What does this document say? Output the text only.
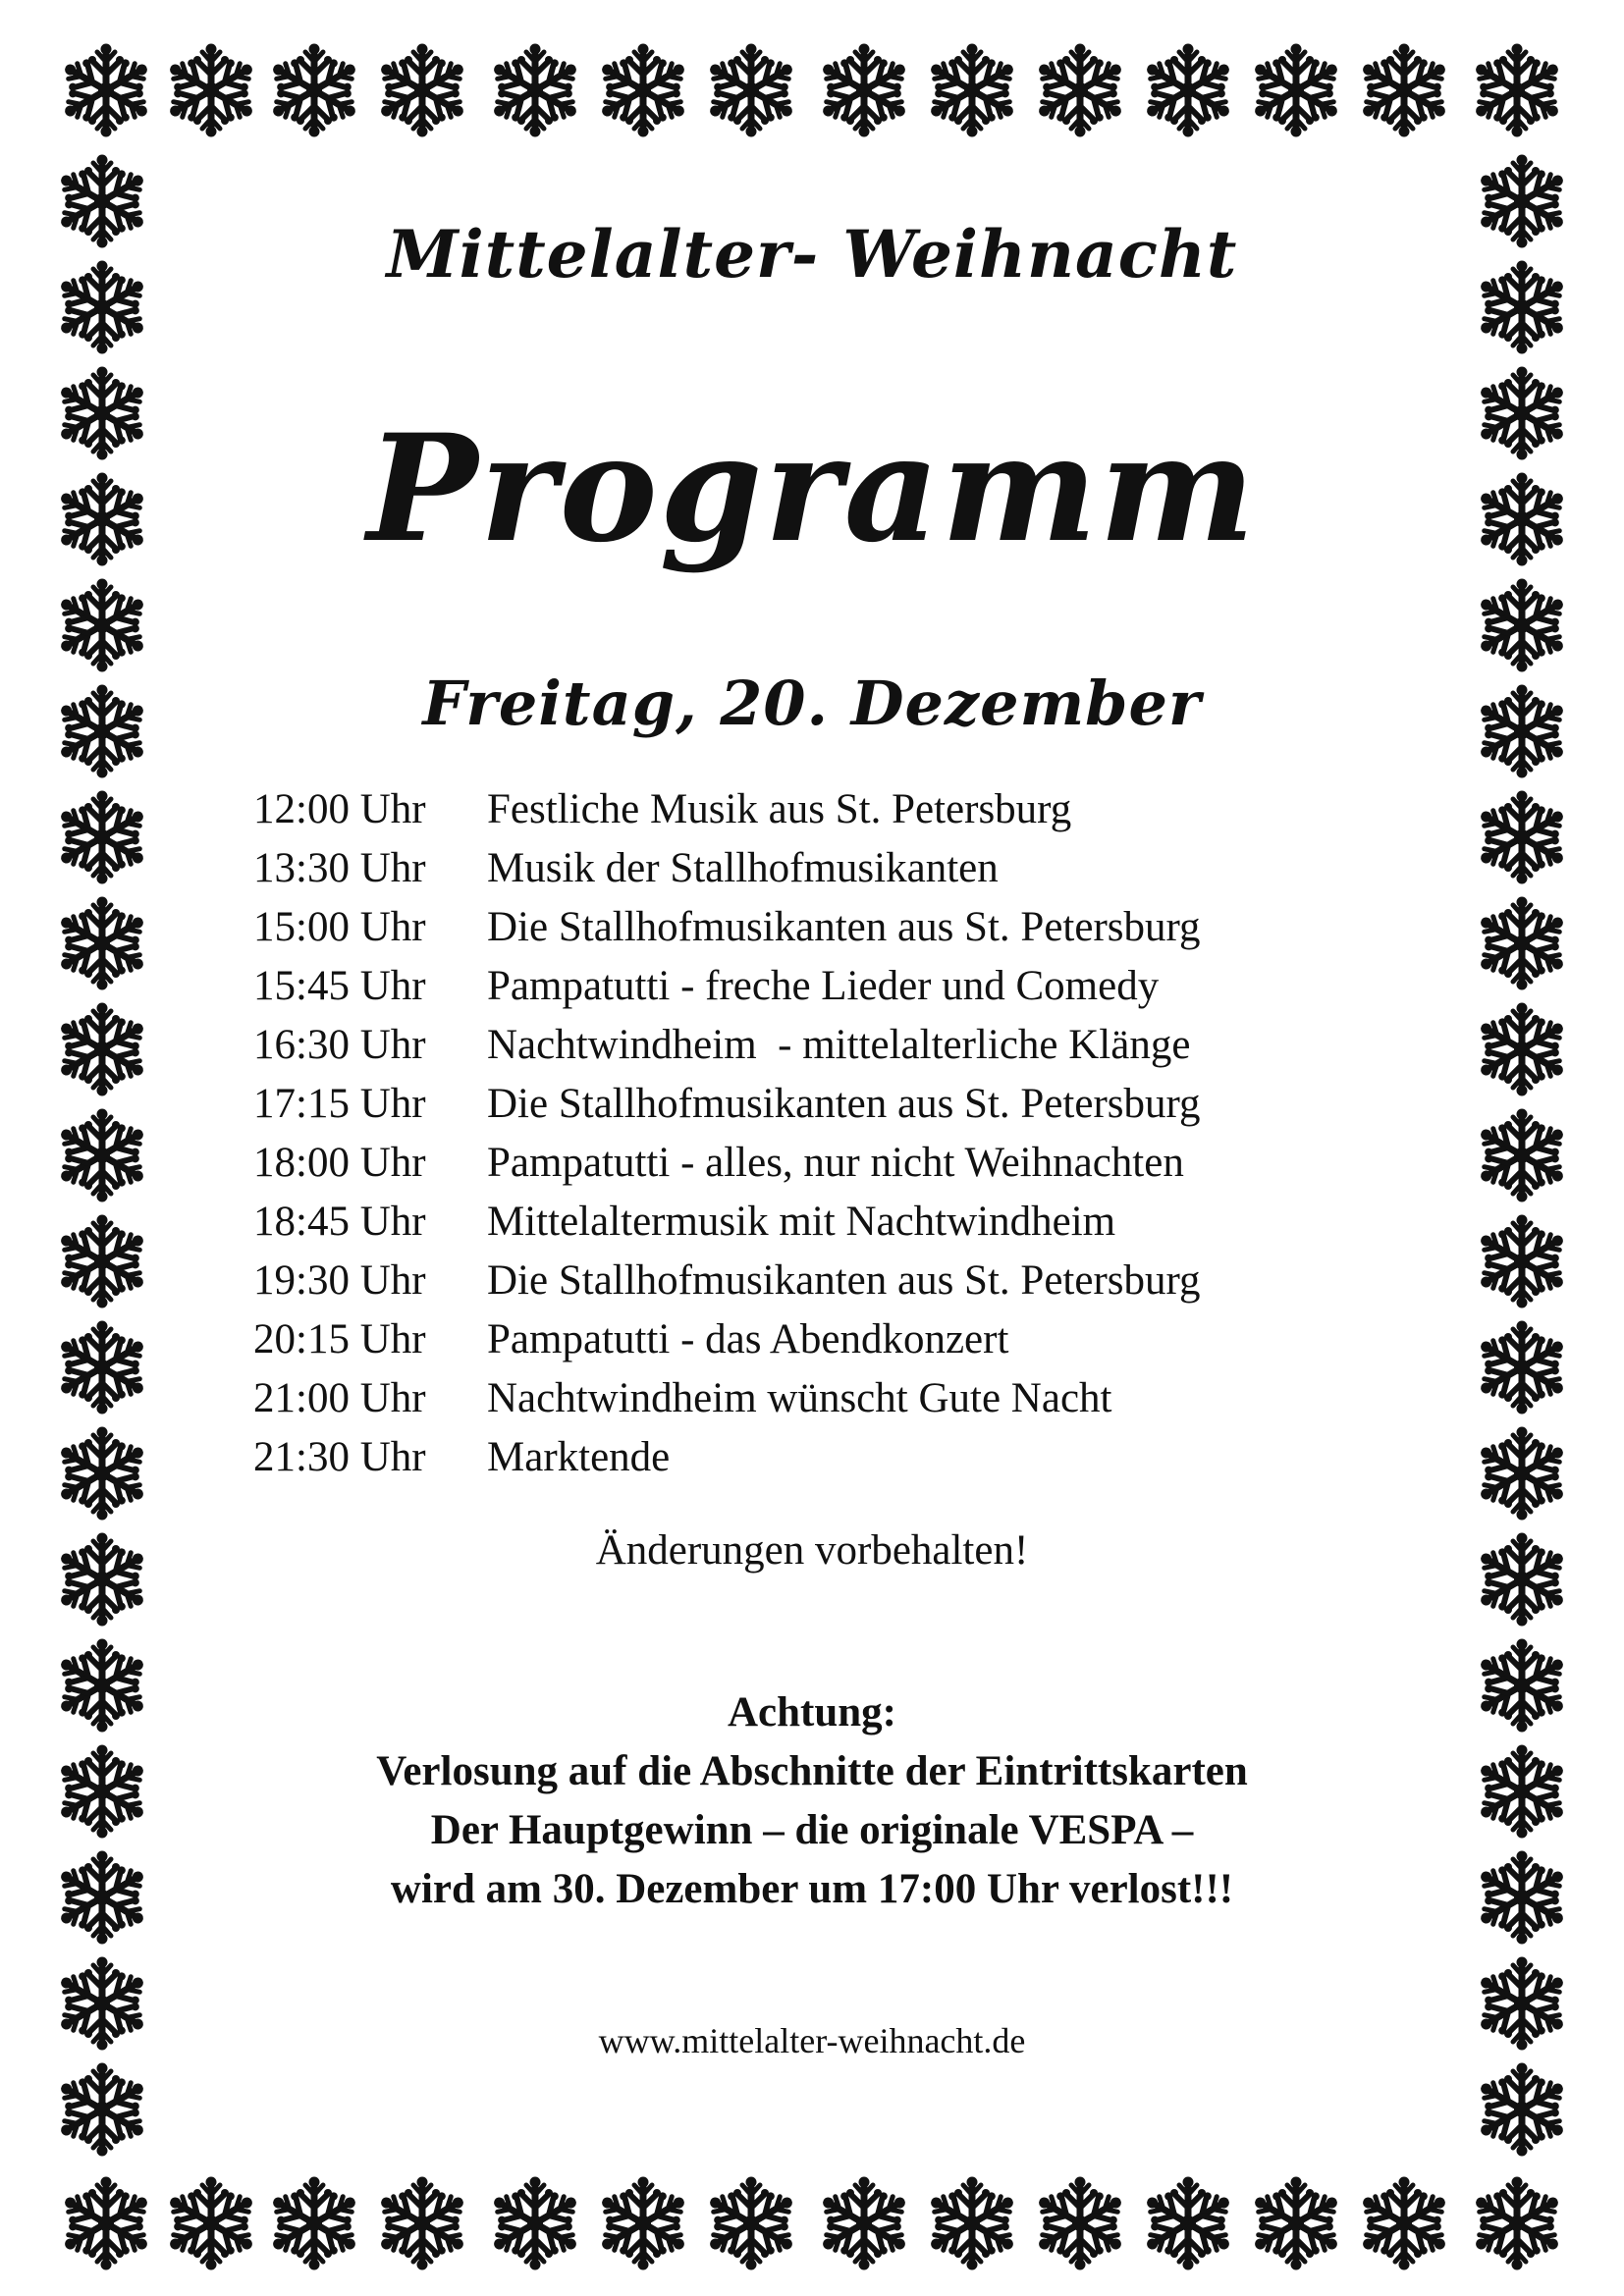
Mittelalter- Weihnacht
Programm
Freitag, 20. Dezember
12:00 Uhr	Festliche Musik aus St. Petersburg
13:30 Uhr	Musik der Stallhofmusikanten
15:00 Uhr	Die Stallhofmusikanten aus St. Petersburg
15:45 Uhr	Pampatutti - freche Lieder und Comedy
16:30 Uhr	Nachtwindheim  - mittelalterliche Klänge
17:15 Uhr	Die Stallhofmusikanten aus St. Petersburg
18:00 Uhr	Pampatutti - alles, nur nicht Weihnachten
18:45 Uhr	Mittelaltermusik mit Nachtwindheim
19:30 Uhr	Die Stallhofmusikanten aus St. Petersburg
20:15 Uhr	Pampatutti - das Abendkonzert
21:00 Uhr	Nachtwindheim wünscht Gute Nacht
21:30 Uhr	Marktende
Änderungen vorbehalten!
Achtung:
Verlosung auf die Abschnitte der Eintrittskarten
Der Hauptgewinn – die originale VESPA –
wird am 30. Dezember um 17:00 Uhr verlost!!!
www.mittelalter-weihnacht.de
